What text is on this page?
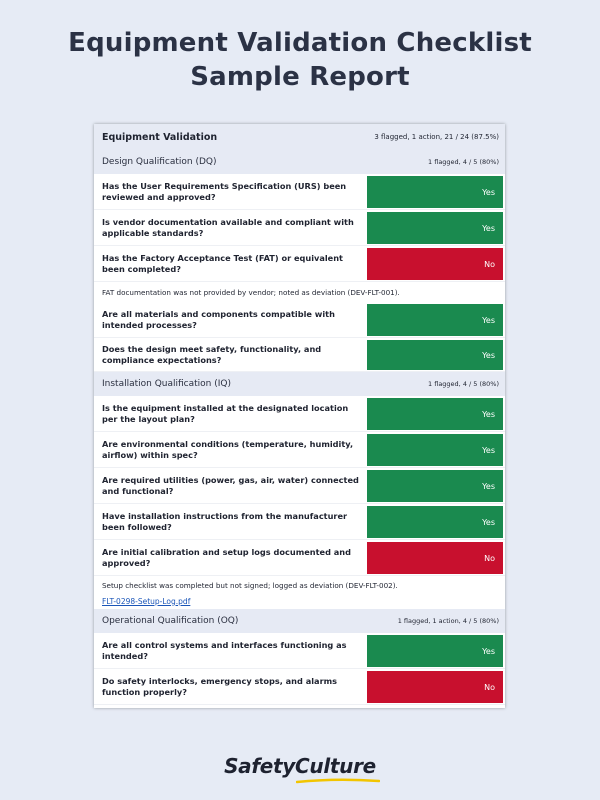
Equipment Validation Checklist
Sample Report
Equipment Validation	3 flagged, 1 action, 21 / 24 (87.5%)
Design Qualification (DQ)	1 flagged, 4 / 5 (80%)
Has the User Requirements Specification (URS) been reviewed and approved?	Yes
Is vendor documentation available and compliant with applicable standards?	Yes
Has the Factory Acceptance Test (FAT) or equivalent been completed?	No
FAT documentation was not provided by vendor; noted as deviation (DEV-FLT-001).
Are all materials and components compatible with intended processes?	Yes
Does the design meet safety, functionality, and compliance expectations?	Yes
Installation Qualification (IQ)	1 flagged, 4 / 5 (80%)
Is the equipment installed at the designated location per the layout plan?	Yes
Are environmental conditions (temperature, humidity, airflow) within spec?	Yes
Are required utilities (power, gas, air, water) connected and functional?	Yes
Have installation instructions from the manufacturer been followed?	Yes
Are initial calibration and setup logs documented and approved?	No
Setup checklist was completed but not signed; logged as deviation (DEV-FLT-002).
FLT-0298-Setup-Log.pdf
Operational Qualification (OQ)	1 flagged, 1 action, 4 / 5 (80%)
Are all control systems and interfaces functioning as intended?	Yes
Do safety interlocks, emergency stops, and alarms function properly?	No
SafetyCulture
